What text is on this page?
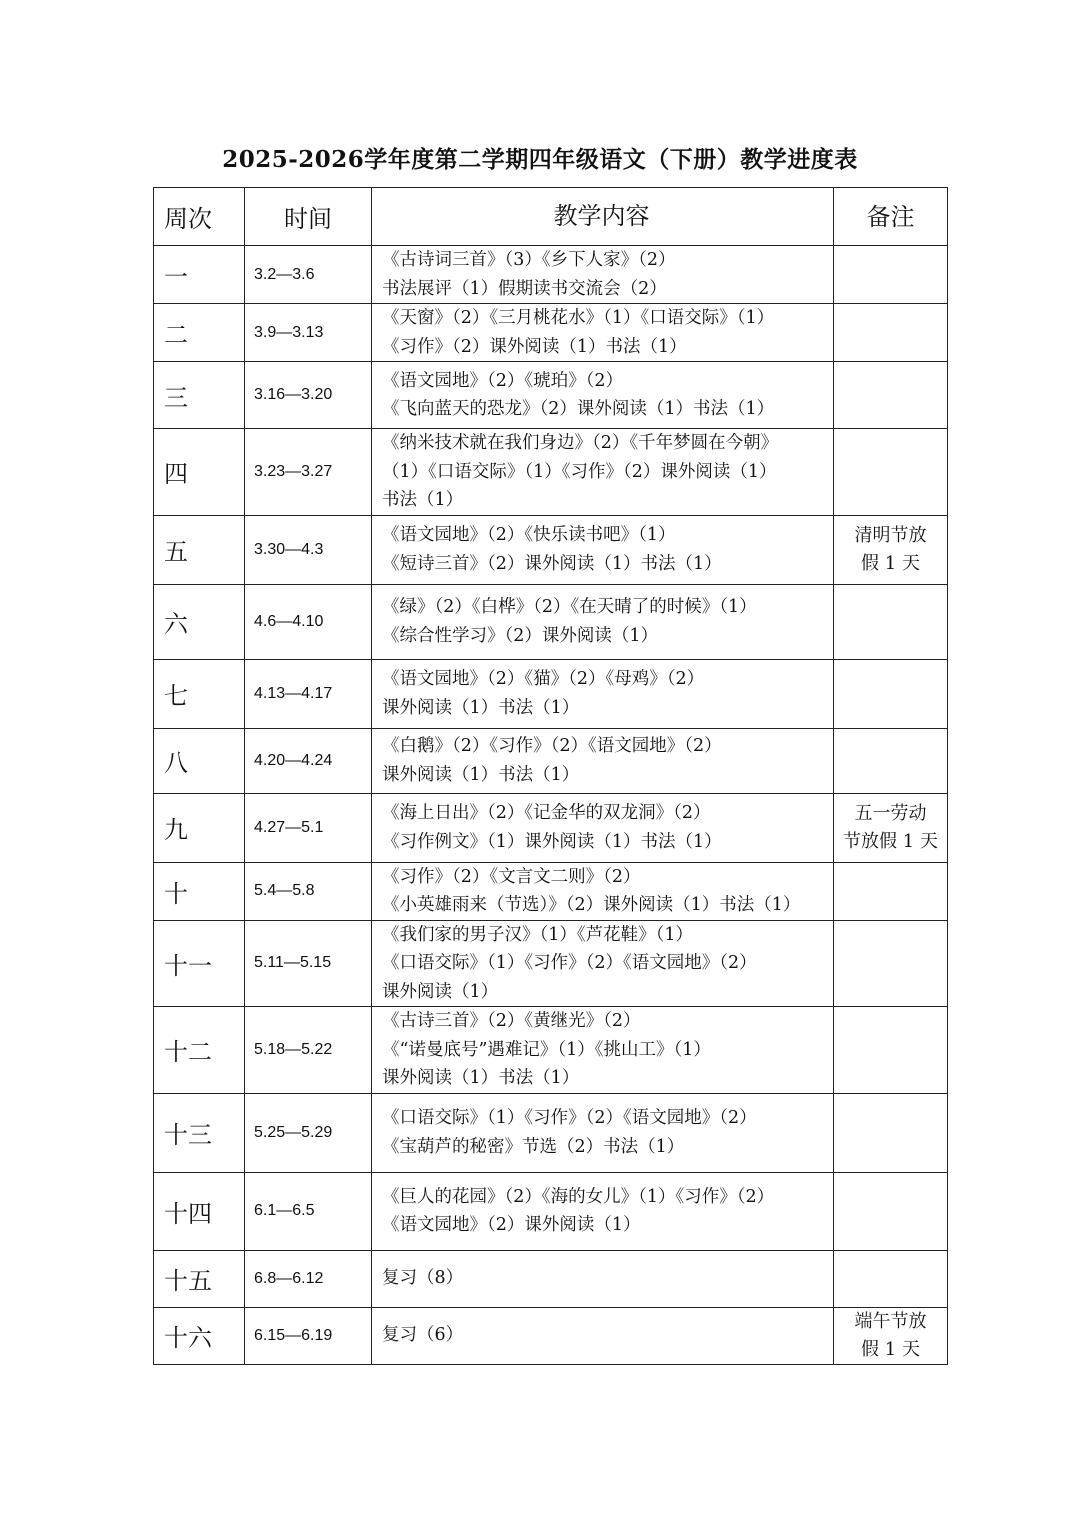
2025-2026学年度第二学期四年级语文（下册）教学进度表
周次	时间	教学内容	备注
一	3.2—3.6	《古诗词三首》（3）《乡下人家》（2）
书法展评（1）假期读书交流会（2）	

二	3.9—3.13	《天窗》（2）《三月桃花水》（1）《口语交际》（1）
《习作》（2）课外阅读（1）书法（1）	

三	3.16—3.20	《语文园地》（2）《琥珀》（2）
《飞向蓝天的恐龙》（2）课外阅读（1）书法（1）	

四	3.23—3.27	《纳米技术就在我们身边》（2）《千年梦圆在今朝》
（1）《口语交际》（1）《习作》（2）课外阅读（1）
书法（1）	

五	3.30—4.3	《语文园地》（2）《快乐读书吧》（1）
《短诗三首》（2）课外阅读（1）书法（1）	清明节放
假 1 天

六	4.6—4.10	《绿》（2）《白桦》（2）《在天晴了的时候》（1）
《综合性学习》（2）课外阅读（1）	

七	4.13—4.17	《语文园地》（2）《猫》（2）《母鸡》（2）
课外阅读（1）书法（1）	

八	4.20—4.24	《白鹅》（2）《习作》（2）《语文园地》（2）
课外阅读（1）书法（1）	

九	4.27—5.1	《海上日出》（2）《记金华的双龙洞》（2）
《习作例文》（1）课外阅读（1）书法（1）	五一劳动
节放假 1 天

十	5.4—5.8	《习作》（2）《文言文二则》（2）
《小英雄雨来（节选）》（2）课外阅读（1）书法（1）	

十一	5.11—5.15	《我们家的男子汉》（1）《芦花鞋》（1）
《口语交际》（1）《习作》（2）《语文园地》（2）
课外阅读（1）	

十二	5.18—5.22	《古诗三首》（2）《黄继光》（2）
《“诺曼底号”遇难记》（1）《挑山工》（1）
课外阅读（1）书法（1）	

十三	5.25—5.29	《口语交际》（1）《习作》（2）《语文园地》（2）
《宝葫芦的秘密》节选（2）书法（1）	

十四	6.1—6.5	《巨人的花园》（2）《海的女儿》（1）《习作》（2）
《语文园地》（2）课外阅读（1）	

十五	6.8—6.12	复习（8）	

十六	6.15—6.19	复习（6）	端午节放
假 1 天
